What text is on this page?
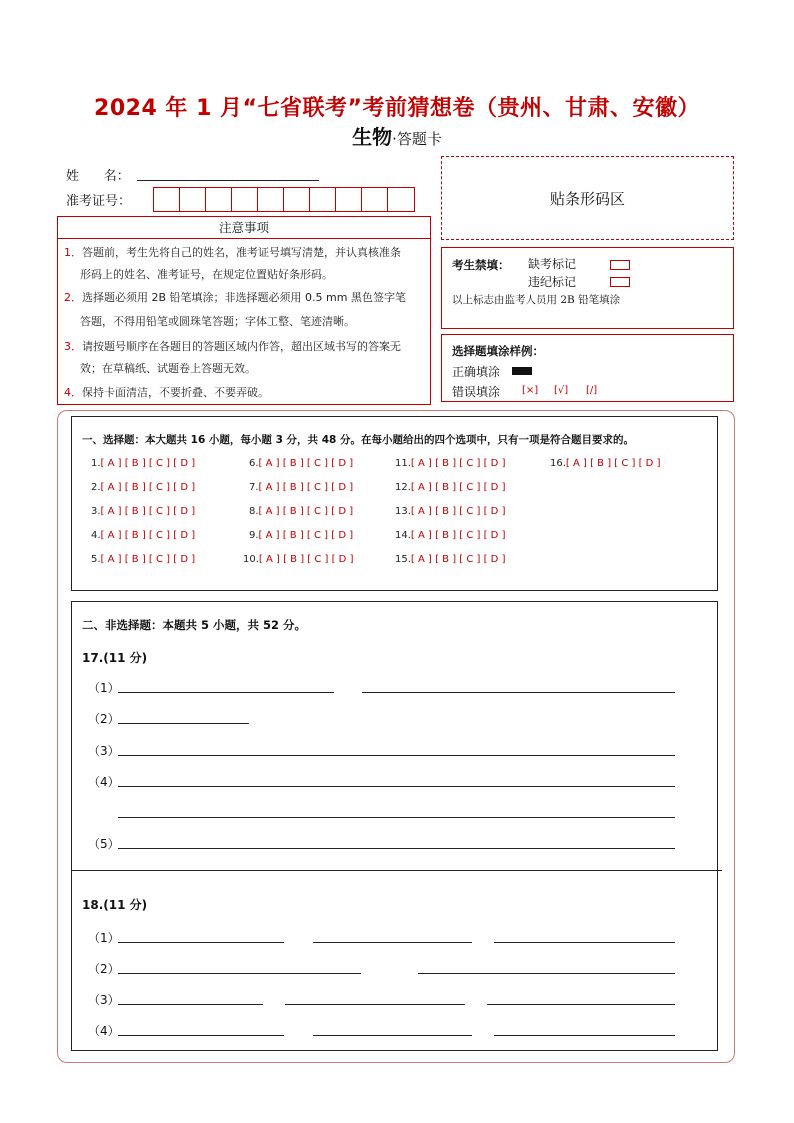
2024 年 1 月“七省联考”考前猜想卷（贵州、甘肃、安徽）
生物·答题卡
姓      名：
准考证号：
注意事项
1．答题前，考生先将自己的姓名，准考证号填写清楚，并认真核准条
形码上的姓名、准考证号，在规定位置贴好条形码。
2．选择题必须用 2B 铅笔填涂；非选择题必须用 0.5 mm 黑色签字笔
答题，不得用铅笔或圆珠笔答题；字体工整、笔迹清晰。
3．请按题号顺序在各题目的答题区域内作答，超出区域书写的答案无
效；在草稿纸、试题卷上答题无效。
4．保持卡面清洁，不要折叠、不要弄破。
贴条形码区
考生禁填： 缺考标记
违纪标记
以上标志由监考人员用 2B 铅笔填涂
选择题填涂样例：
正确填涂
错误填涂 [×] [√] [/]
一、选择题：本大题共 16 小题，每小题 3 分，共 48 分。在每小题给出的四个选项中，只有一项是符合题目要求的。
1.[ A ] [ B ] [ C ] [ D ]
2.[ A ] [ B ] [ C ] [ D ]
3.[ A ] [ B ] [ C ] [ D ]
4.[ A ] [ B ] [ C ] [ D ]
5.[ A ] [ B ] [ C ] [ D ]
6.[ A ] [ B ] [ C ] [ D ]
7.[ A ] [ B ] [ C ] [ D ]
8.[ A ] [ B ] [ C ] [ D ]
9.[ A ] [ B ] [ C ] [ D ]
10.[ A ] [ B ] [ C ] [ D ]
11.[ A ] [ B ] [ C ] [ D ]
12.[ A ] [ B ] [ C ] [ D ]
13.[ A ] [ B ] [ C ] [ D ]
14.[ A ] [ B ] [ C ] [ D ]
15.[ A ] [ B ] [ C ] [ D ]
16.[ A ] [ B ] [ C ] [ D ]
二、非选择题：本题共 5 小题，共 52 分。
17.(11 分)
（1）
（2）
（3）
（4）
（5）
18.(11 分)
（1）
（2）
（3）
（4）
